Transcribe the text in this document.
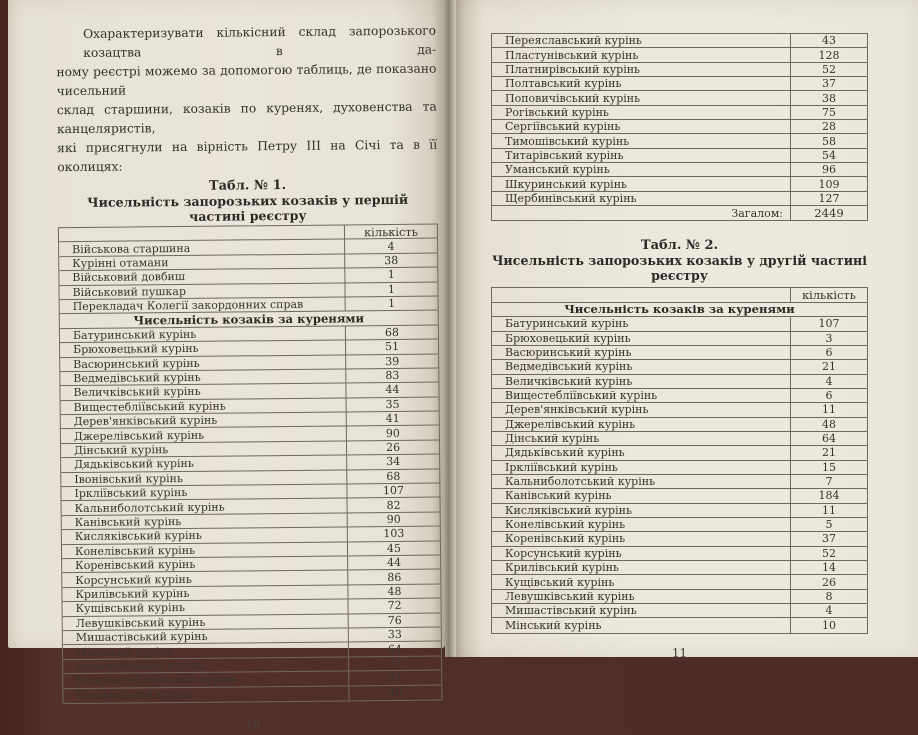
Охарактеризувати кількісний склад запорозького козацтва в да-
ному реєстрі можемо за допомогою таблиць, де показано чисельний
склад старшини, козаків по куренях, духовенства та канцеляристів,
які присягнули на вірність Петру III на Січі та в її околицях:
Табл. № 1.
Чисельність запорозьких козаків у першій частині реєстру
кількість
Військова старшина	4
Курінні отамани	38
Військовий довбиш	1
Військовий пушкар	1
Перекладач Колегії закордонних справ	1
Чисельність козаків за куренями
Батуринський курінь	68
Брюховецький курінь	51
Васюринський курінь	39
Ведмедівський курінь	83
Величківський курінь	44
Вищестебліївський курінь	35
Дерев'янківський курінь	41
Джерелівський курінь	90
Дінський курінь	26
Дядьківський курінь	34
Івонівський курінь	68
Іркліївський курінь	107
Кальниболотський курінь	82
Канівський курінь	90
Кисляківський курінь	103
Конелівський курінь	45
Коренівський курінь	44
Корсунський курінь	86
Крилівський курінь	48
Кущівський курінь	72
Левушківський курінь	76
Мишастівський курінь	33
Мінський курінь	64
Незамаївський курінь	37
Нижчестебліївський курінь	47
Пашківський курінь	46
10
Переяславський курінь	43
Пластунівський курінь	128
Платнирівський курінь	52
Полтавський курінь	37
Поповичівський курінь	38
Рогівський курінь	75
Сергіївський курінь	28
Тимошівський курінь	58
Титарівський курінь	54
Уманський курінь	96
Шкуринський курінь	109
Щербинівський курінь	127
Загалом:	2449
Табл. № 2.
Чисельність запорозьких козаків у другій частині реєстру
кількість
Чисельність козаків за куренями
Батуринський курінь	107
Брюховецький курінь	3
Васюринський курінь	6
Ведмедівський курінь	21
Величківський курінь	4
Вищестебліївський курінь	6
Дерев'янківський курінь	11
Джерелівський курінь	48
Дінський курінь	64
Дядьківський курінь	21
Іркліївський курінь	15
Кальниболотський курінь	7
Канівський курінь	184
Кисляківський курінь	11
Конелівський курінь	5
Коренівський курінь	37
Корсунський курінь	52
Крилівський курінь	14
Кущівський курінь	26
Левушківський курінь	8
Мишастівський курінь	4
Мінський курінь	10
11
